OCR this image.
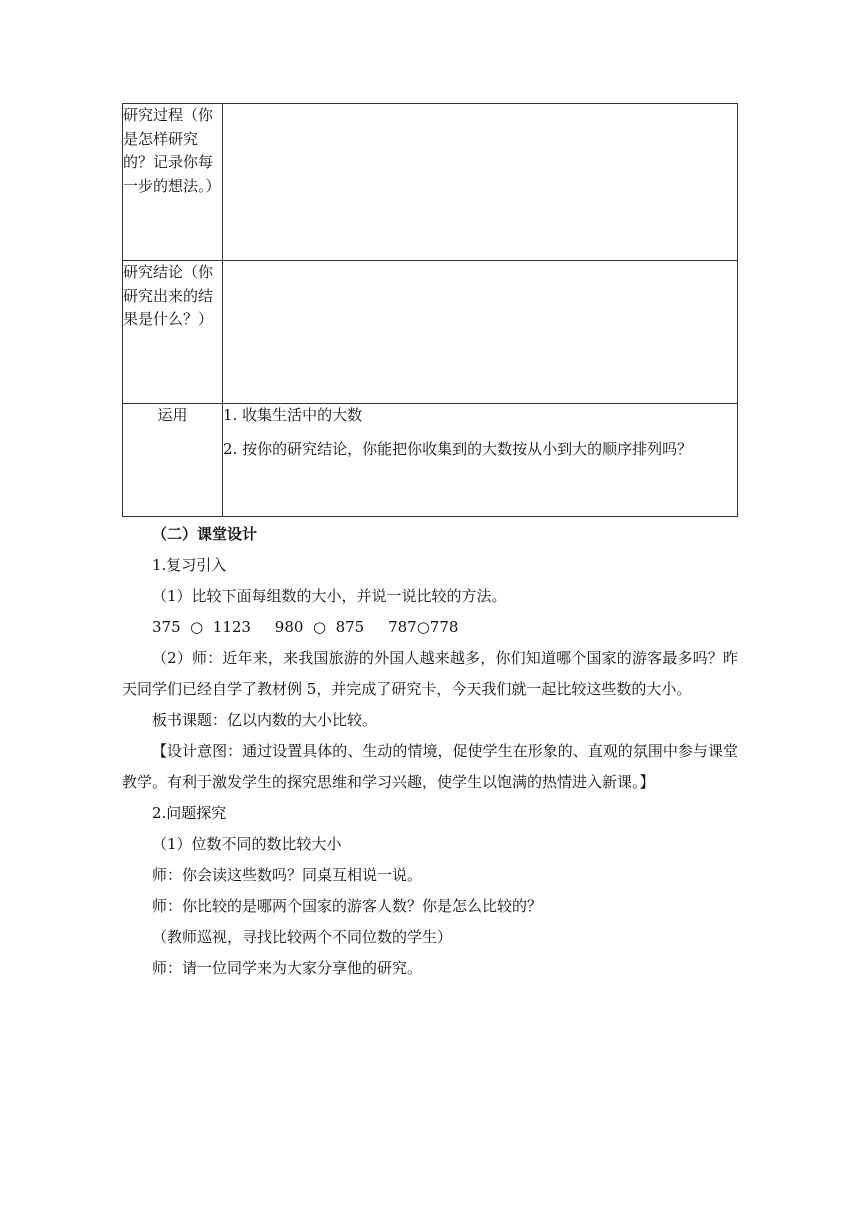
研究过程（你是怎样研究的？记录你每一步的想法。）	
研究结论（你研究出来的结果是什么？）	
运用	1. 收集生活中的大数
2. 按你的研究结论，你能把你收集到的大数按从小到大的顺序排列吗？

（二）课堂设计

1.复习引入

（1）比较下面每组数的大小，并说一说比较的方法。

375  ○  1123     980  ○  875     787○778

（2）师：近年来，来我国旅游的外国人越来越多，你们知道哪个国家的游客最多吗？昨天同学们已经自学了教材例 5，并完成了研究卡，今天我们就一起比较这些数的大小。

板书课题：亿以内数的大小比较。

【设计意图：通过设置具体的、生动的情境，促使学生在形象的、直观的氛围中参与课堂教学。有利于激发学生的探究思维和学习兴趣，使学生以饱满的热情进入新课。】

2.问题探究

（1）位数不同的数比较大小

师：你会读这些数吗？同桌互相说一说。

师：你比较的是哪两个国家的游客人数？你是怎么比较的？

（教师巡视，寻找比较两个不同位数的学生）

师：请一位同学来为大家分享他的研究。
